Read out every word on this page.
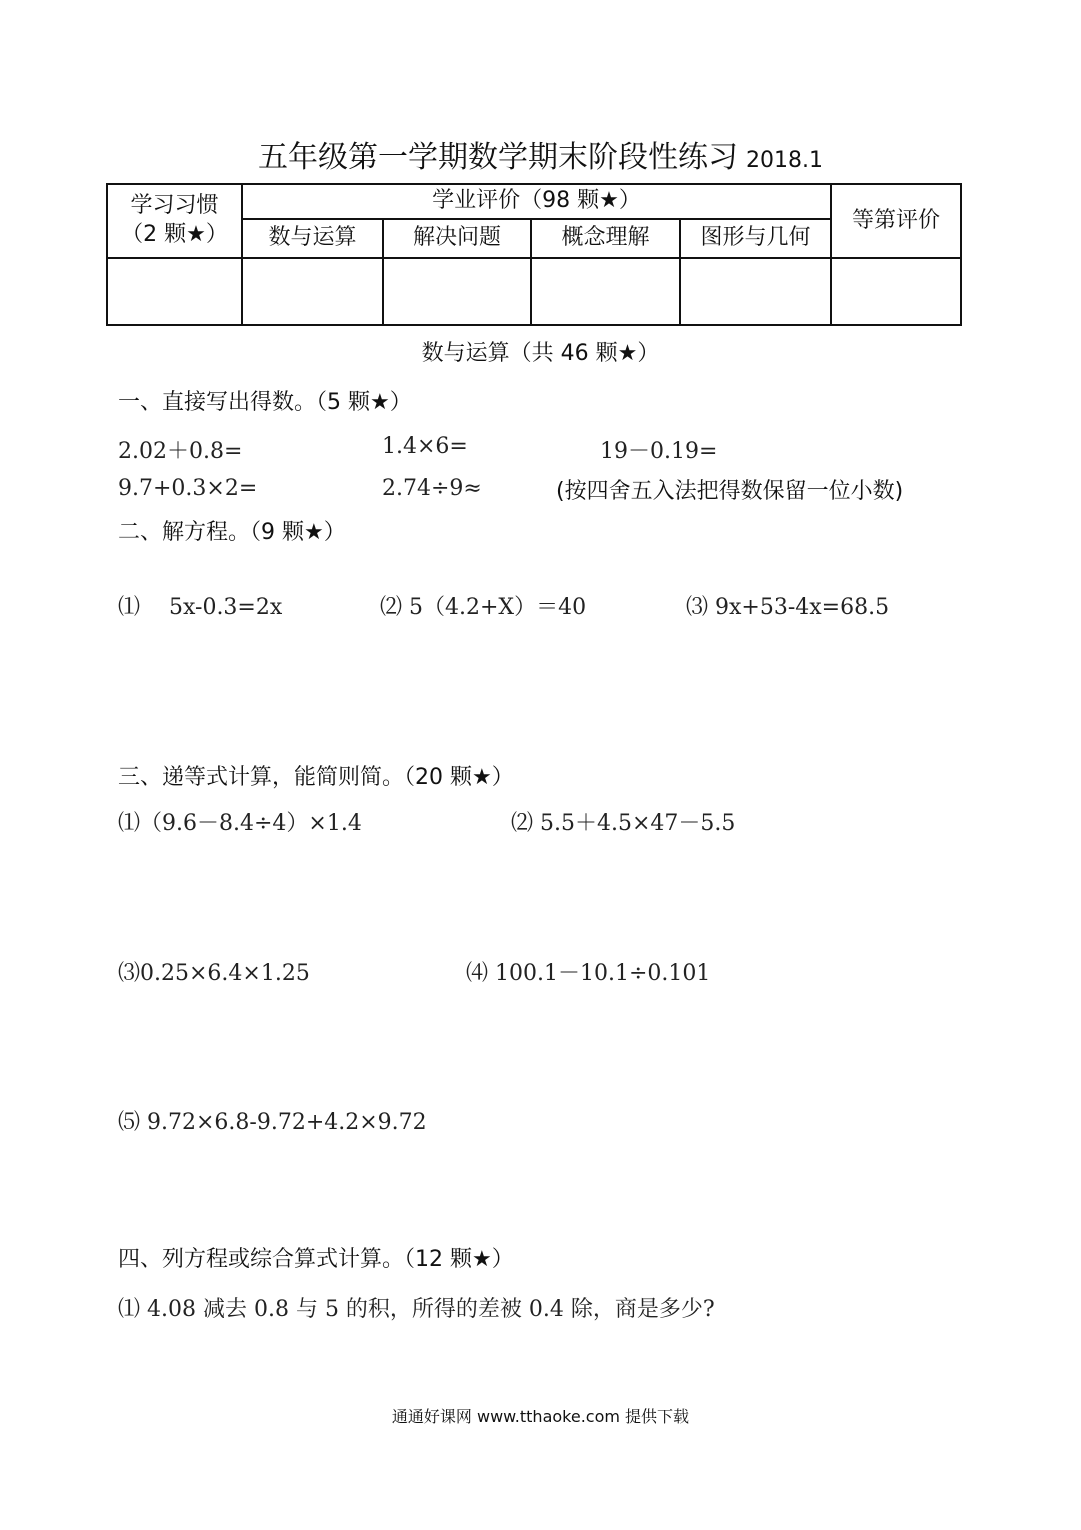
五年级第一学期数学期末阶段性练习 2018.1
学习习惯
（2 颗★）	学业评价（98 颗★）				等第评价
	数与运算	解决问题	概念理解	图形与几何	

数与运算（共 46 颗★）
一、直接写出得数。（5 颗★）
2.02＋0.8=	1.4×6=	19－0.19=
9.7+0.3×2=	2.74÷9≈	(按四舍五入法把得数保留一位小数)
二、解方程。（9 颗★）
⑴　 5x-0.3=2x	⑵ 5（4.2+X）＝40	⑶ 9x+53-4x=68.5
三、递等式计算，能简则简。（20 颗★）
⑴（9.6－8.4÷4）×1.4	⑵ 5.5＋4.5×47－5.5
⑶0.25×6.4×1.25	⑷ 100.1－10.1÷0.101
⑸ 9.72×6.8-9.72+4.2×9.72
四、列方程或综合算式计算。（12 颗★）
⑴ 4.08 减去 0.8 与 5 的积，所得的差被 0.4 除，商是多少?
通通好课网 www.tthaoke.com 提供下载
